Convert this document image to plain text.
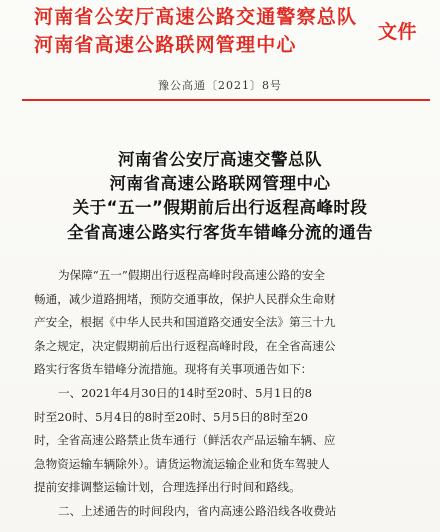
河南省公安厅高速公路交通警察总队
河南省高速公路联网管理中心
文件
豫公高通〔2021〕8号
河南省公安厅高速交警总队
河南省高速公路联网管理中心
关于“五一”假期前后出行返程高峰时段
全省高速公路实行客货车错峰分流的通告
为保障“五一”假期出行返程高峰时段高速公路的安全
畅通，减少道路拥堵，预防交通事故，保护人民群众生命财
产安全，根据《中华人民共和国道路交通安全法》第三十九
条之规定，决定假期前后出行返程高峰时段，在全省高速公
路实行客货车错峰分流措施。现将有关事项通告如下：
一、2021年4月30日的14时至20时、5月1日的8
时至20时、5月4日的8时至20时、5月5日的8时至20
时，全省高速公路禁止货车通行（鲜活农产品运输车辆、应
急物资运输车辆除外）。请货运物流运输企业和货车驾驶人
提前安排调整运输计划，合理选择出行时间和路线。
二、上述通告的时间段内，省内高速公路沿线各收费站
